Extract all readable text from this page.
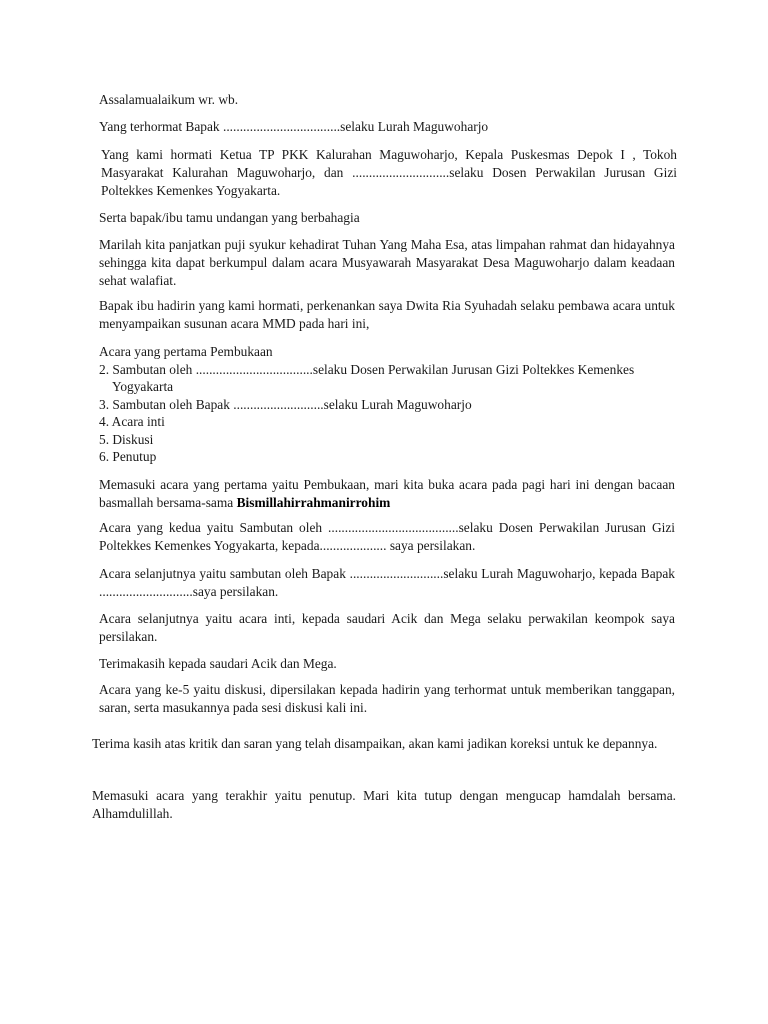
Assalamualaikum wr. wb.

Yang terhormat Bapak ...................................selaku Lurah Maguwoharjo

Yang kami hormati Ketua TP PKK Kalurahan Maguwoharjo, Kepala Puskesmas Depok I , Tokoh Masyarakat Kalurahan Maguwoharjo, dan .............................selaku Dosen Perwakilan Jurusan Gizi Poltekkes Kemenkes Yogyakarta.

Serta bapak/ibu tamu undangan yang berbahagia

Marilah kita panjatkan puji syukur kehadirat Tuhan Yang Maha Esa, atas limpahan rahmat dan hidayahnya sehingga kita dapat berkumpul dalam acara Musyawarah Masyarakat Desa Maguwoharjo dalam keadaan sehat walafiat.

Bapak ibu hadirin yang kami hormati, perkenankan saya Dwita Ria Syuhadah selaku pembawa acara untuk menyampaikan susunan acara MMD pada hari ini,

Acara yang pertama Pembukaan
2. Sambutan oleh ...................................selaku Dosen Perwakilan Jurusan Gizi Poltekkes Kemenkes
Yogyakarta
3. Sambutan oleh Bapak ...........................selaku Lurah Maguwoharjo
4. Acara inti
5. Diskusi
6. Penutup

Memasuki acara yang pertama yaitu Pembukaan, mari kita buka acara pada pagi hari ini dengan bacaan basmallah bersama-sama Bismillahirrahmanirrohim

Acara yang kedua yaitu Sambutan oleh .......................................selaku Dosen Perwakilan Jurusan Gizi Poltekkes Kemenkes Yogyakarta, kepada.................... saya persilakan.

Acara selanjutnya yaitu sambutan oleh Bapak ............................selaku Lurah Maguwoharjo, kepada Bapak ............................saya persilakan.

Acara selanjutnya yaitu acara inti, kepada saudari Acik dan Mega selaku perwakilan keompok saya persilakan.

Terimakasih kepada saudari Acik dan Mega.

Acara yang ke-5 yaitu diskusi, dipersilakan kepada hadirin yang terhormat untuk memberikan tanggapan, saran, serta masukannya pada sesi diskusi kali ini.

Terima kasih atas kritik dan saran yang telah disampaikan, akan kami jadikan koreksi untuk ke depannya.

Memasuki acara yang terakhir yaitu penutup. Mari kita tutup dengan mengucap hamdalah bersama. Alhamdulillah.
